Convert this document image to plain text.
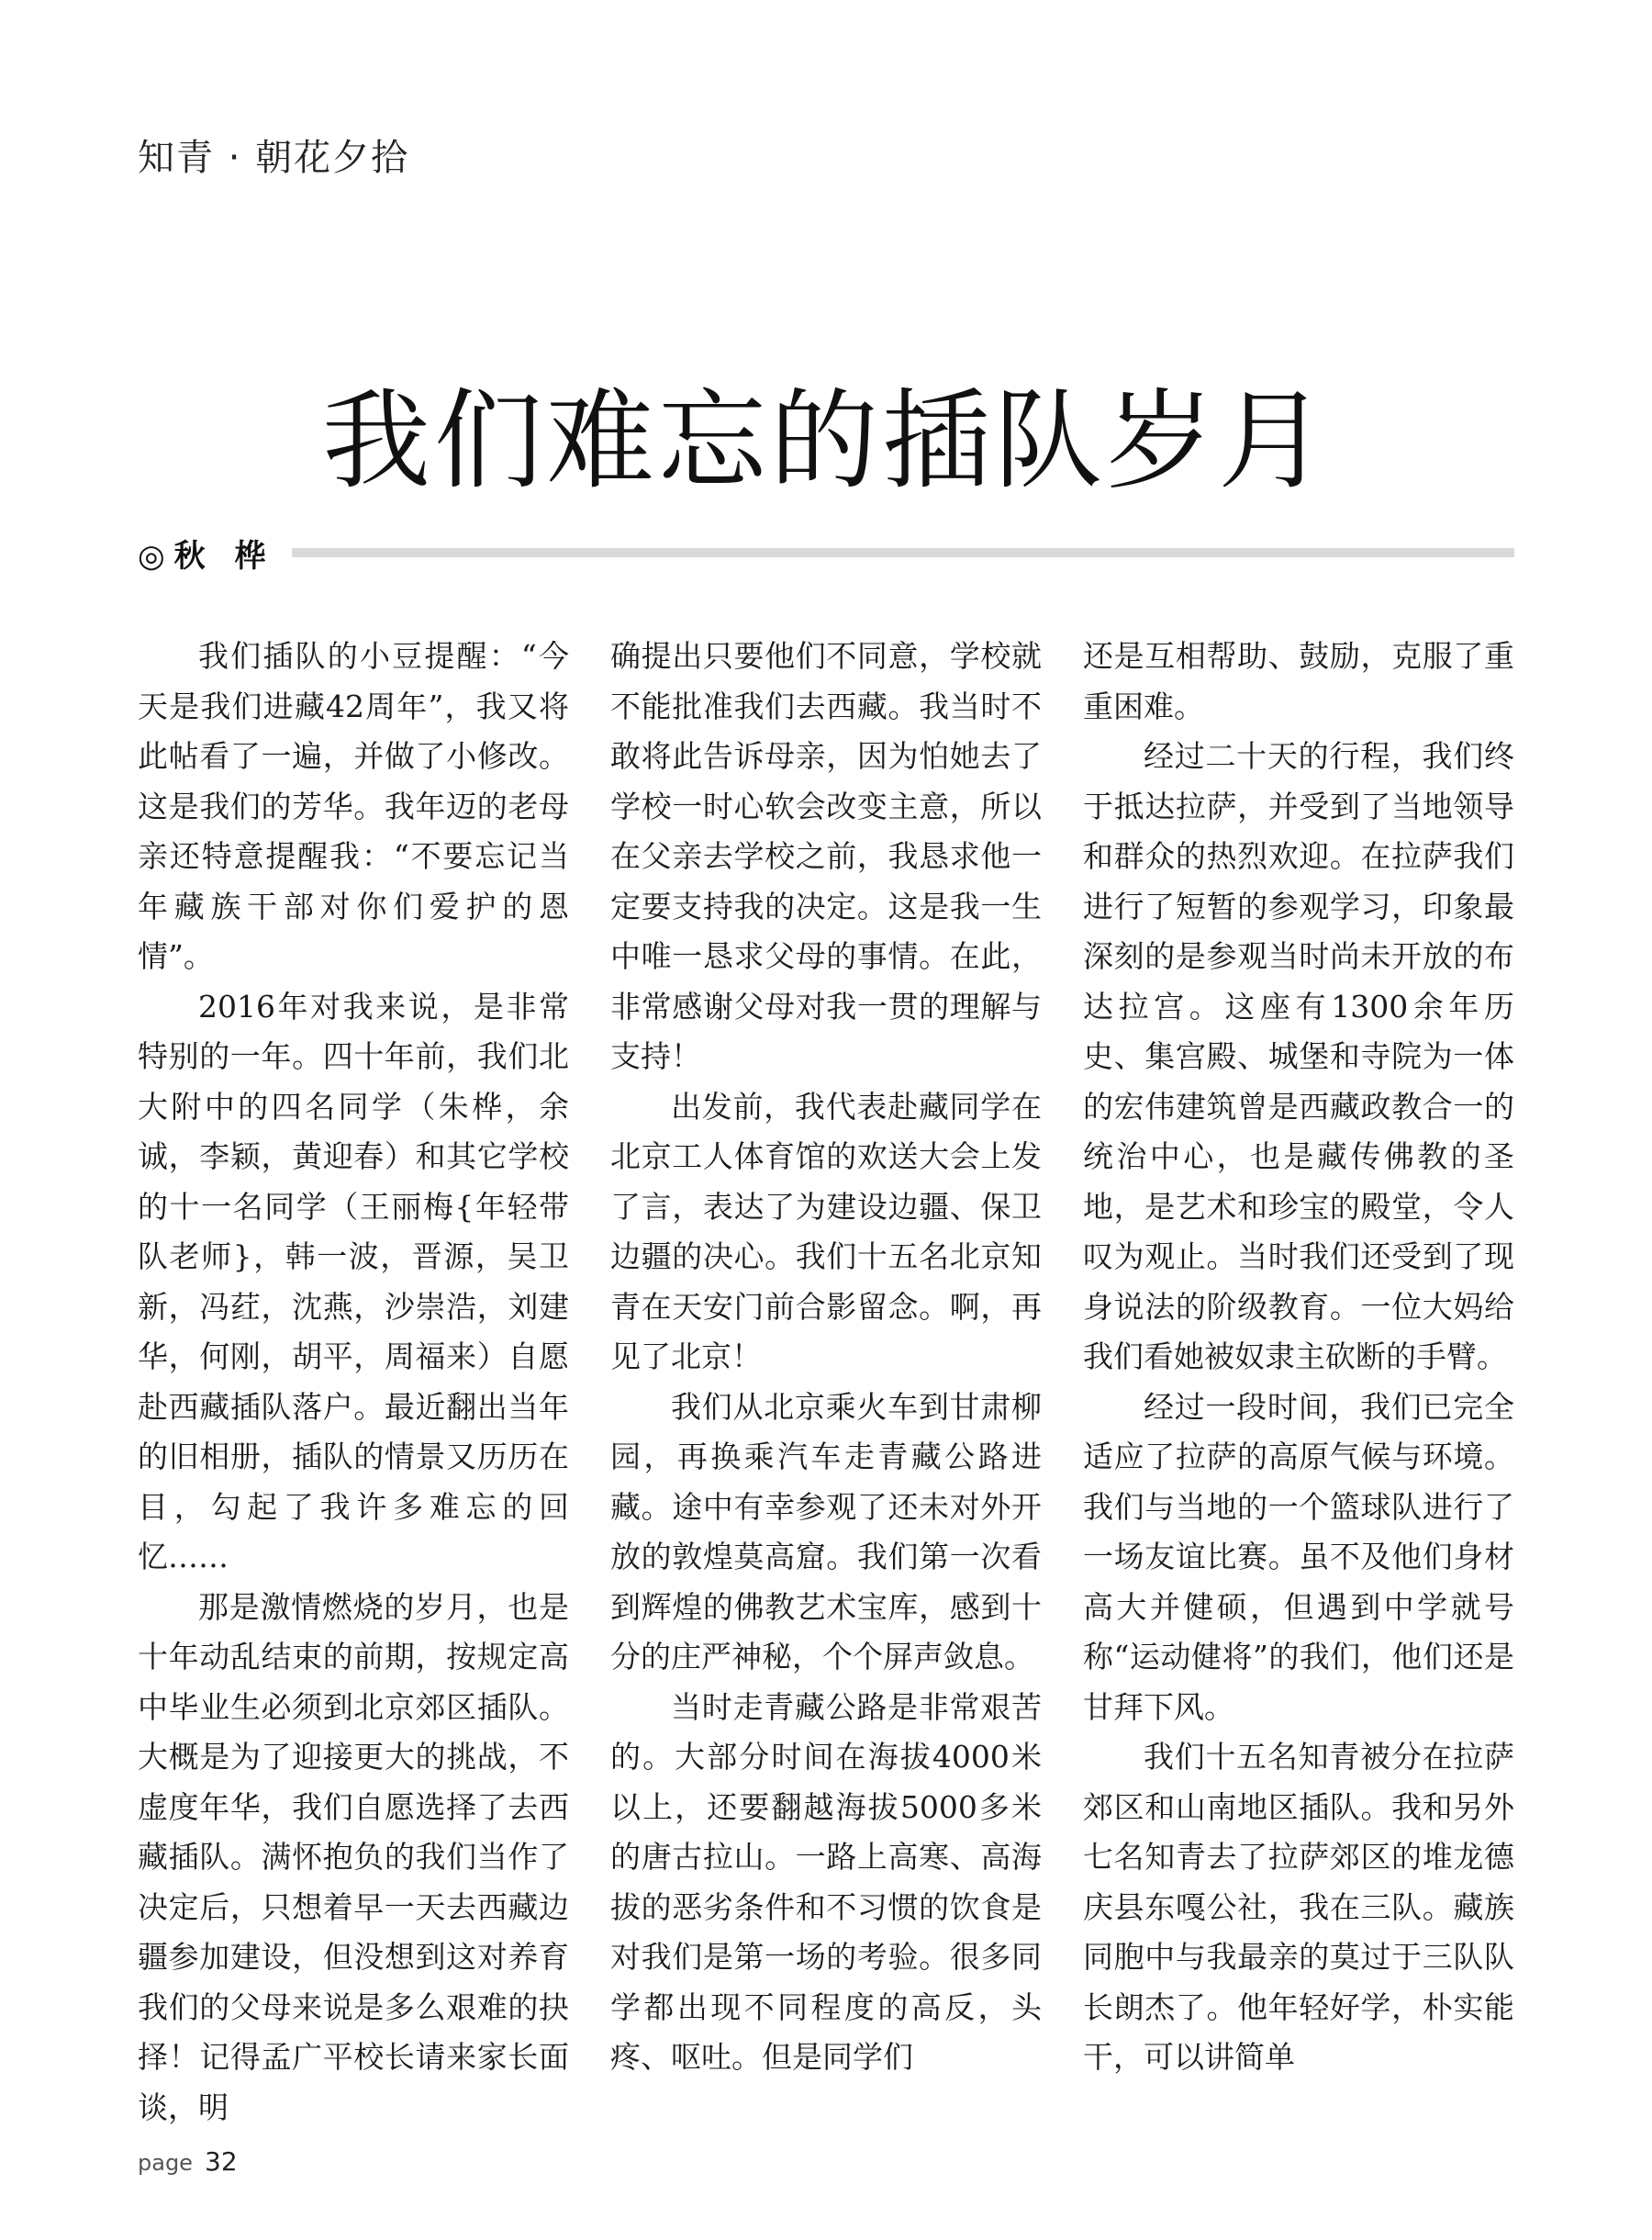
知青 · 朝花夕拾
我们难忘的插队岁月
◎秋 桦

我们插队的小豆提醒：“今天是我们进藏42周年”，我又将此帖看了一遍，并做了小修改。这是我们的芳华。我年迈的老母亲还特意提醒我：“不要忘记当年藏族干部对你们爱护的恩情”。

2016年对我来说，是非常特别的一年。四十年前，我们北大附中的四名同学（朱桦，余诚，李颖，黄迎春）和其它学校的十一名同学（王丽梅{年轻带队老师}，韩一波，晋源，吴卫新，冯荭，沈燕，沙崇浩，刘建华，何刚，胡平，周福来）自愿赴西藏插队落户。最近翻出当年的旧相册，插队的情景又历历在目，勾起了我许多难忘的回忆……

那是激情燃烧的岁月，也是十年动乱结束的前期，按规定高中毕业生必须到北京郊区插队。大概是为了迎接更大的挑战，不虚度年华，我们自愿选择了去西藏插队。满怀抱负的我们当作了决定后，只想着早一天去西藏边疆参加建设，但没想到这对养育我们的父母来说是多么艰难的抉择！记得孟广平校长请来家长面谈，明

确提出只要他们不同意，学校就不能批准我们去西藏。我当时不敢将此告诉母亲，因为怕她去了学校一时心软会改变主意，所以在父亲去学校之前，我恳求他一定要支持我的决定。这是我一生中唯一恳求父母的事情。在此，非常感谢父母对我一贯的理解与支持！

出发前，我代表赴藏同学在北京工人体育馆的欢送大会上发了言，表达了为建设边疆、保卫边疆的决心。我们十五名北京知青在天安门前合影留念。啊，再见了北京！

我们从北京乘火车到甘肃柳园，再换乘汽车走青藏公路进藏。途中有幸参观了还未对外开放的敦煌莫高窟。我们第一次看到辉煌的佛教艺术宝库，感到十分的庄严神秘，个个屏声敛息。

当时走青藏公路是非常艰苦的。大部分时间在海拔4000米以上，还要翻越海拔5000多米的唐古拉山。一路上高寒、高海拔的恶劣条件和不习惯的饮食是对我们是第一场的考验。很多同学都出现不同程度的高反，头疼、呕吐。但是同学们

还是互相帮助、鼓励，克服了重重困难。

经过二十天的行程，我们终于抵达拉萨，并受到了当地领导和群众的热烈欢迎。在拉萨我们进行了短暂的参观学习，印象最深刻的是参观当时尚未开放的布达拉宫。这座有1300余年历史、集宫殿、城堡和寺院为一体的宏伟建筑曾是西藏政教合一的统治中心，也是藏传佛教的圣地，是艺术和珍宝的殿堂，令人叹为观止。当时我们还受到了现身说法的阶级教育。一位大妈给我们看她被奴隶主砍断的手臂。

经过一段时间，我们已完全适应了拉萨的高原气候与环境。我们与当地的一个篮球队进行了一场友谊比赛。虽不及他们身材高大并健硕，但遇到中学就号称“运动健将”的我们，他们还是甘拜下风。

我们十五名知青被分在拉萨郊区和山南地区插队。我和另外七名知青去了拉萨郊区的堆龙德庆县东嘎公社，我在三队。藏族同胞中与我最亲的莫过于三队队长朗杰了。他年轻好学，朴实能干，可以讲简单

page 32
